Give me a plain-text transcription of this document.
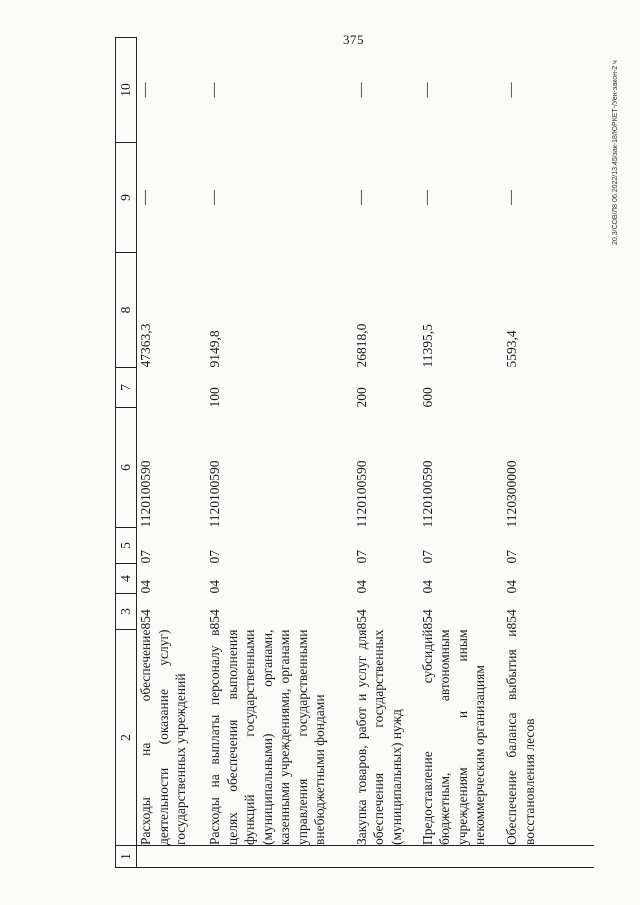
375
20.3/СОВ/Л8 06.2022/13.45/зак-18/ЮРКЕТ-/Уен-закон-2 ч
1	2	3	4	5	6	7	8	9	10
	Расходы на обеспечение деятельности (оказание услуг) государственных учреждений	854	04	07	1120100590		47363,3	—	—
	Расходы на выплаты персоналу в целях обеспечения выполнения функций государственными (муниципальными) органами, казенными учреждениями, органами управления государственными внебюджетными фондами	854	04	07	1120100590	100	9149,8	—	—
	Закупка товаров, работ и услуг для обеспечения государственных (муниципальных) нужд	854	04	07	1120100590	200	26818,0	—	—
	Предоставление субсидий бюджетным, автономным учреждениям и иным некоммерческим организациям	854	04	07	1120100590	600	11395,5	—	—
	Обеспечение баланса выбытия и восстановления лесов	854	04	07	1120300000		5593,4	—	—
